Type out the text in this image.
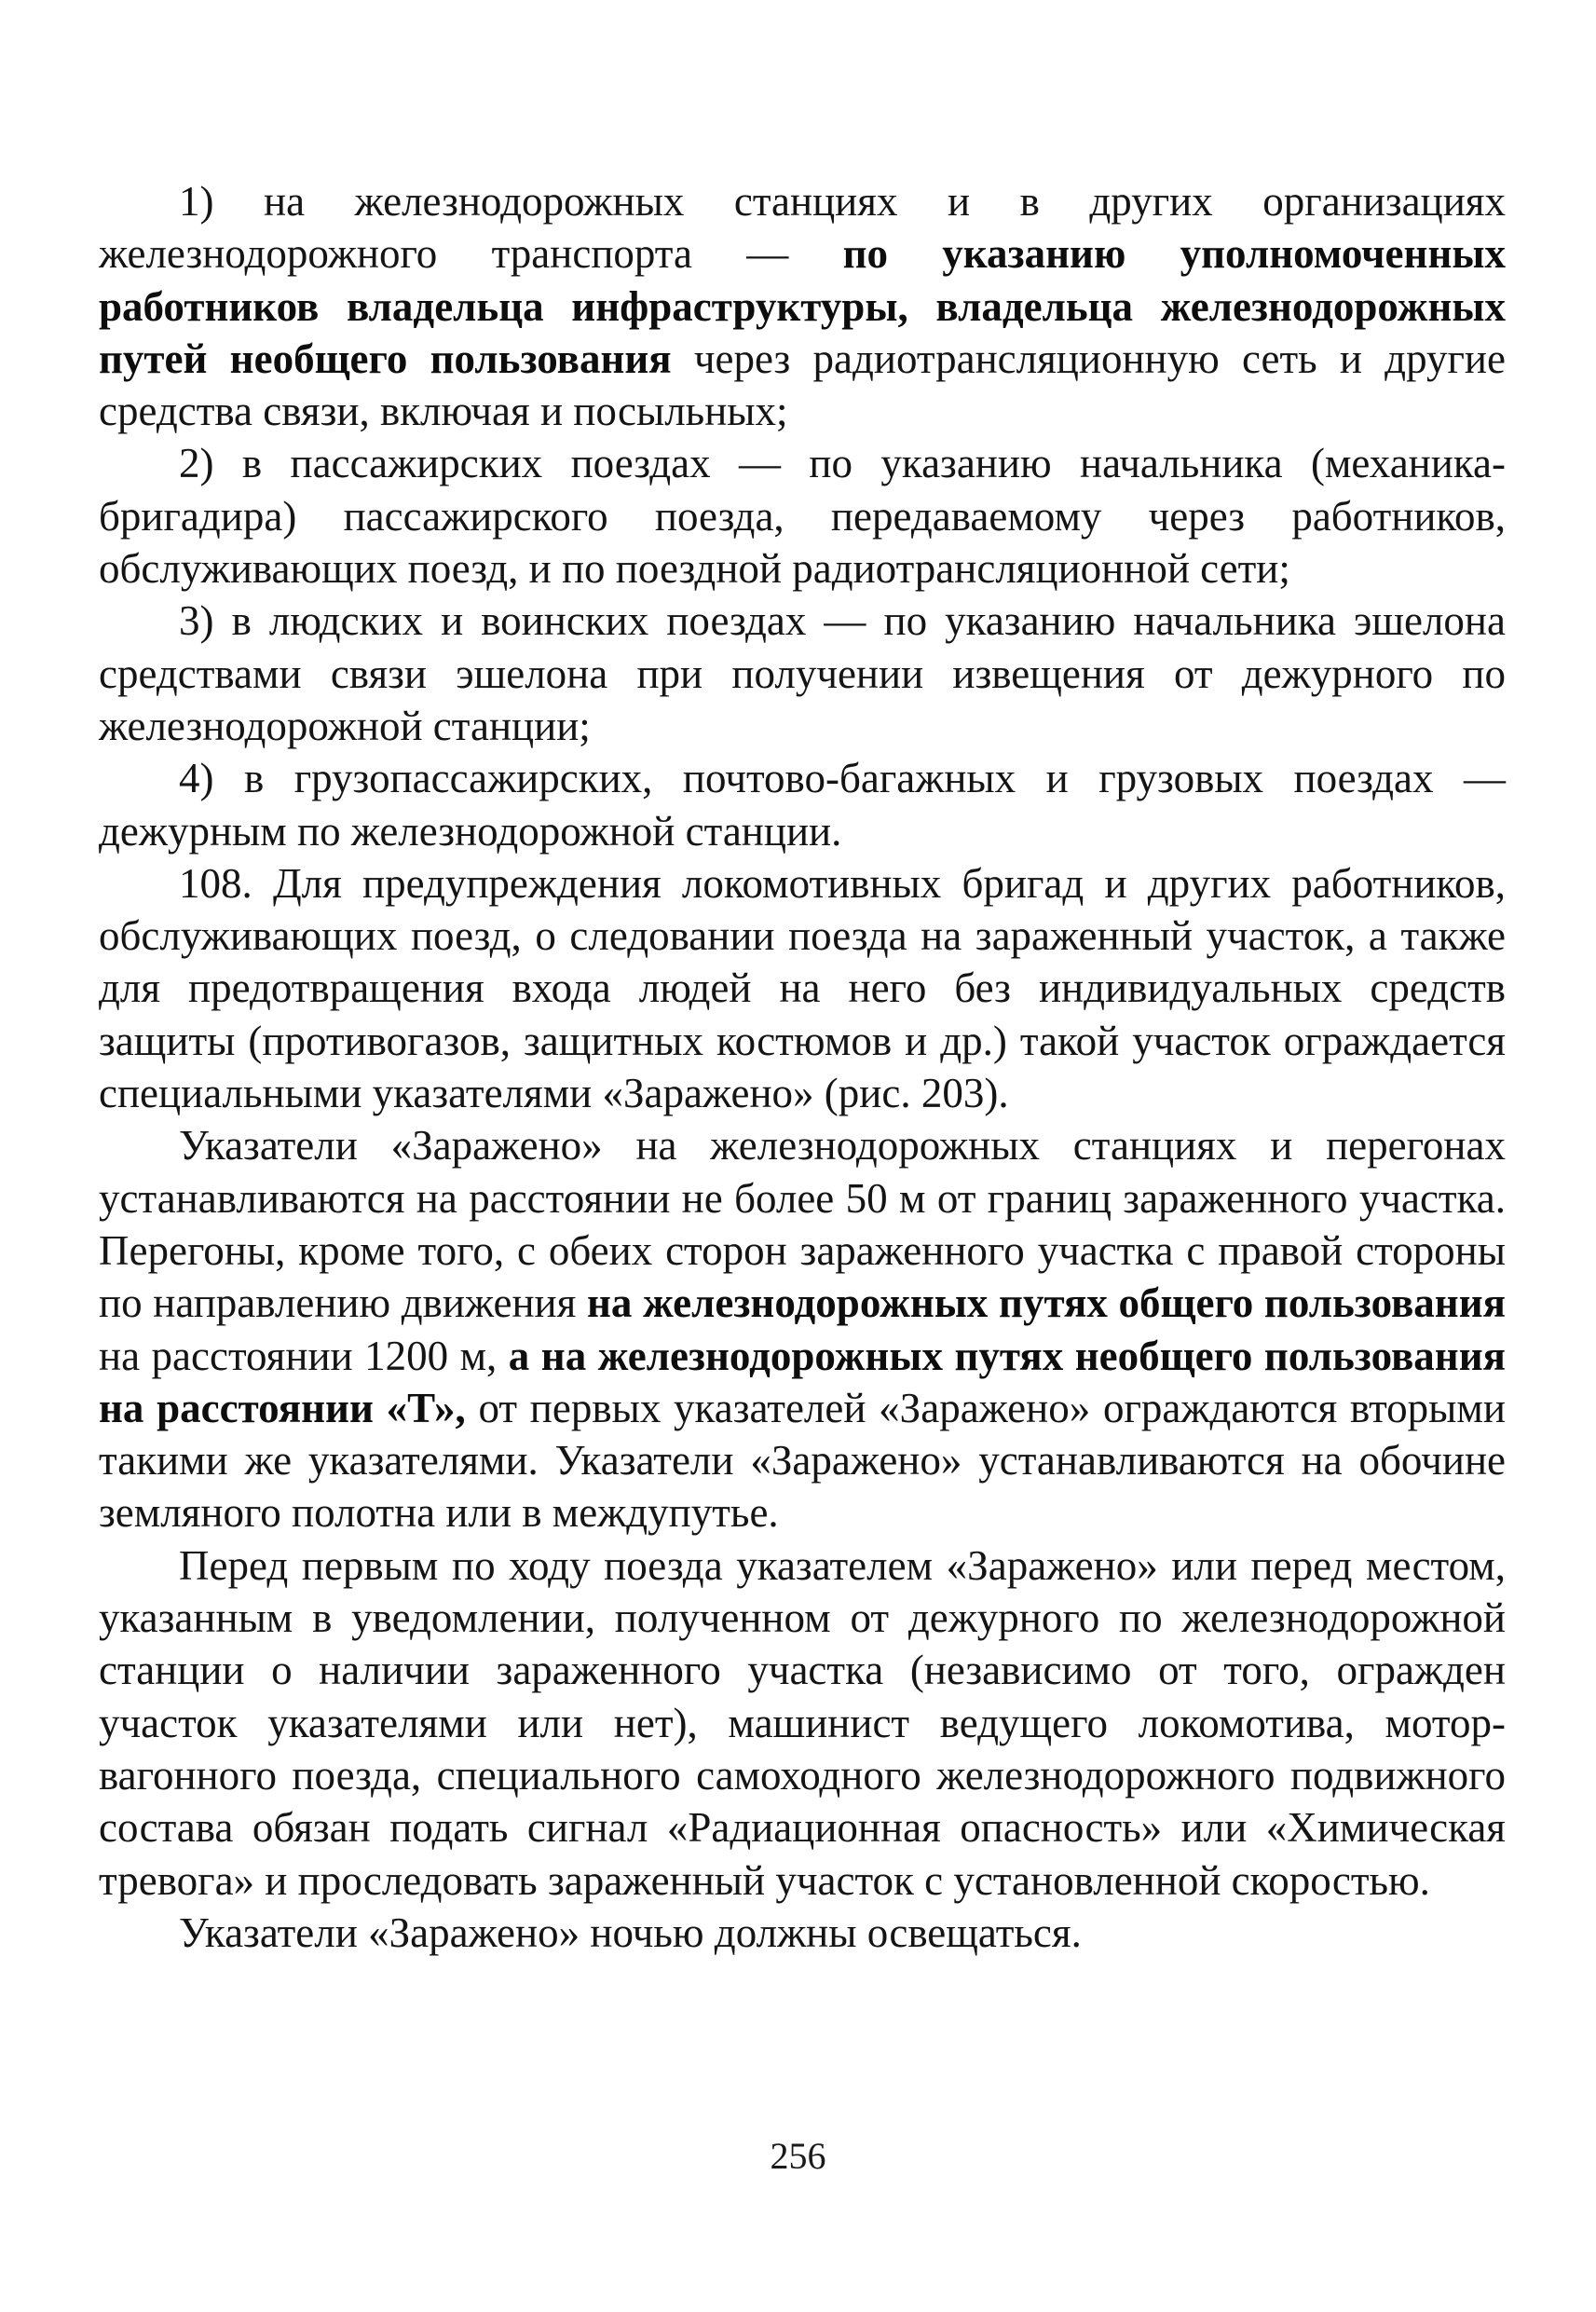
1) на железнодорожных станциях и в других организациях железнодорожного транспорта — по указанию уполномоченных работников владельца инфраструктуры, владельца железнодорожных путей необщего пользования через радиотрансляционную сеть и другие средства связи, включая и посыльных;

2) в пассажирских поездах — по указанию начальника (механика-бригадира) пассажирского поезда, передаваемому через работников, обслуживающих поезд, и по поездной радиотрансляционной сети;

3) в людских и воинских поездах — по указанию начальника эшелона средствами связи эшелона при получении извещения от дежурного по железнодорожной станции;

4) в грузопассажирских, почтово-багажных и грузовых поездах — дежурным по железнодорожной станции.

108. Для предупреждения локомотивных бригад и других работников, обслуживающих поезд, о следовании поезда на зараженный участок, а также для предотвращения входа людей на него без индивидуальных средств защиты (противогазов, защитных костюмов и др.) такой участок ограждается специальными указателями «Заражено» (рис. 203).

Указатели «Заражено» на железнодорожных станциях и перегонах устанавливаются на расстоянии не более 50 м от границ зараженного участка. Перегоны, кроме того, с обеих сторон зараженного участка с правой стороны по направлению движения на железнодорожных путях общего пользования на расстоянии 1200 м, а на железнодорожных путях необщего пользования на расстоянии «Т», от первых указателей «Заражено» ограждаются вторыми такими же указателями. Указатели «Заражено» устанавливаются на обочине земляного полотна или в междупутье.

Перед первым по ходу поезда указателем «Заражено» или перед местом, указанным в уведомлении, полученном от дежурного по железнодорожной станции о наличии зараженного участка (независимо от того, огражден участок указателями или нет), машинист ведущего локомотива, мотор-вагонного поезда, специального самоходного железнодорожного подвижного состава обязан подать сигнал «Радиационная опасность» или «Химическая тревога» и проследовать зараженный участок с установленной скоростью.

Указатели «Заражено» ночью должны освещаться.

256
